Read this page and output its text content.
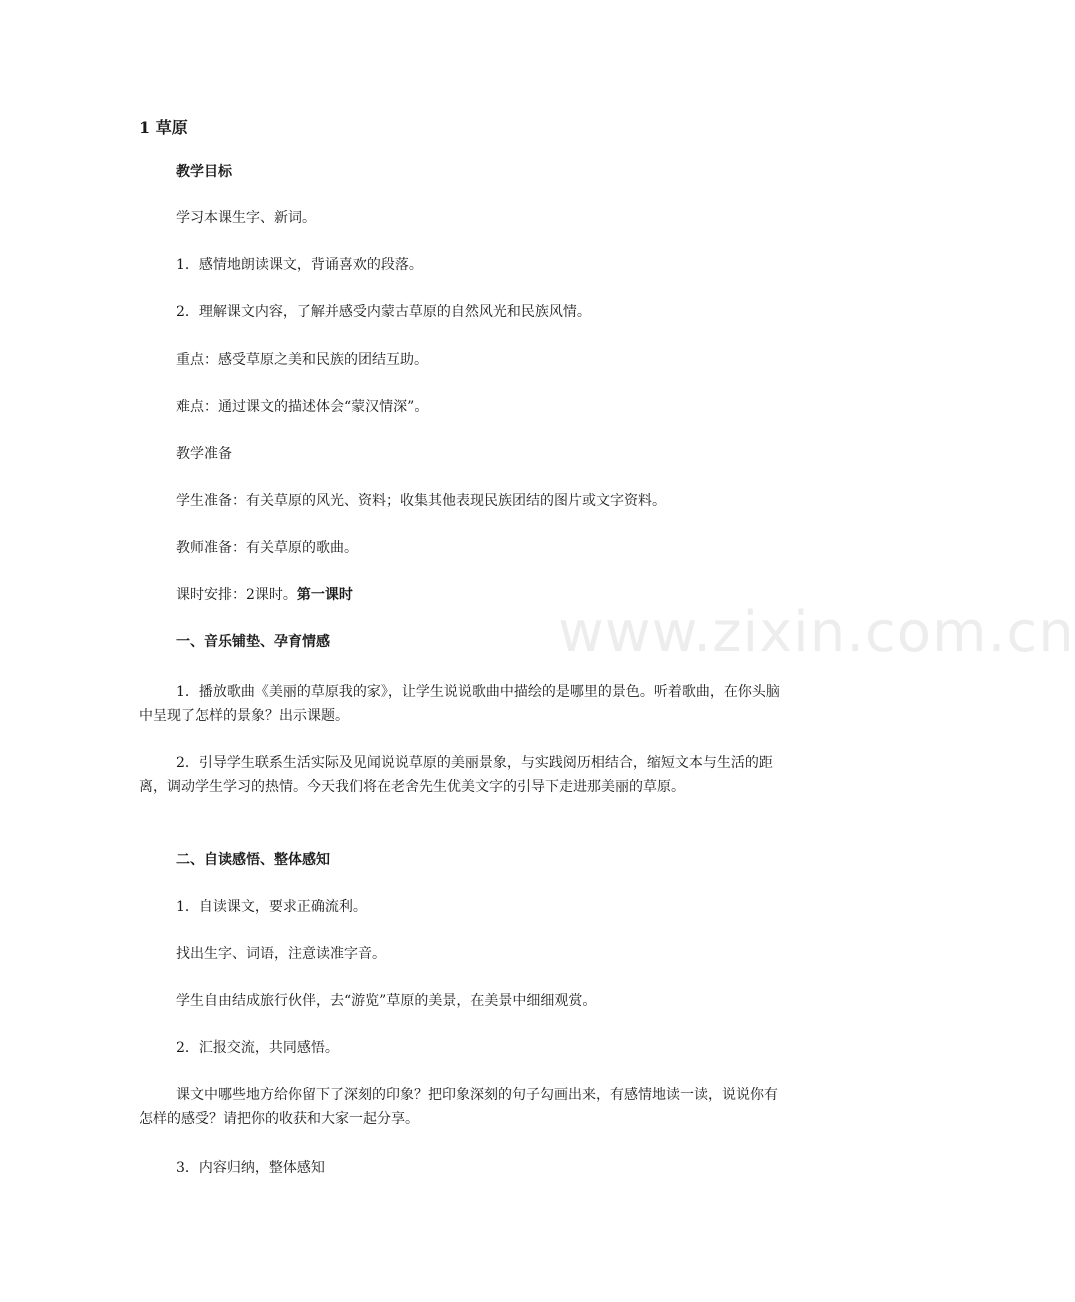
www.zixin.com.cn
1 草原
教学目标
学习本课生字、新词。
1．感情地朗读课文，背诵喜欢的段落。
2．理解课文内容，了解并感受内蒙古草原的自然风光和民族风情。
重点：感受草原之美和民族的团结互助。
难点：通过课文的描述体会“蒙汉情深”。
教学准备
学生准备：有关草原的风光、资料；收集其他表现民族团结的图片或文字资料。
教师准备：有关草原的歌曲。
课时安排：2课时。第一课时
一、音乐铺垫、孕育情感
1．播放歌曲《美丽的草原我的家》，让学生说说歌曲中描绘的是哪里的景色。听着歌曲，在你头脑中呈现了怎样的景象？出示课题。
2．引导学生联系生活实际及见闻说说草原的美丽景象，与实践阅历相结合，缩短文本与生活的距离，调动学生学习的热情。今天我们将在老舍先生优美文字的引导下走进那美丽的草原。
二、自读感悟、整体感知
1．自读课文，要求正确流利。
找出生字、词语，注意读准字音。
学生自由结成旅行伙伴，去“游览”草原的美景，在美景中细细观赏。
2．汇报交流，共同感悟。
课文中哪些地方给你留下了深刻的印象？把印象深刻的句子勾画出来，有感情地读一读，说说你有怎样的感受？请把你的收获和大家一起分享。
3．内容归纳，整体感知
